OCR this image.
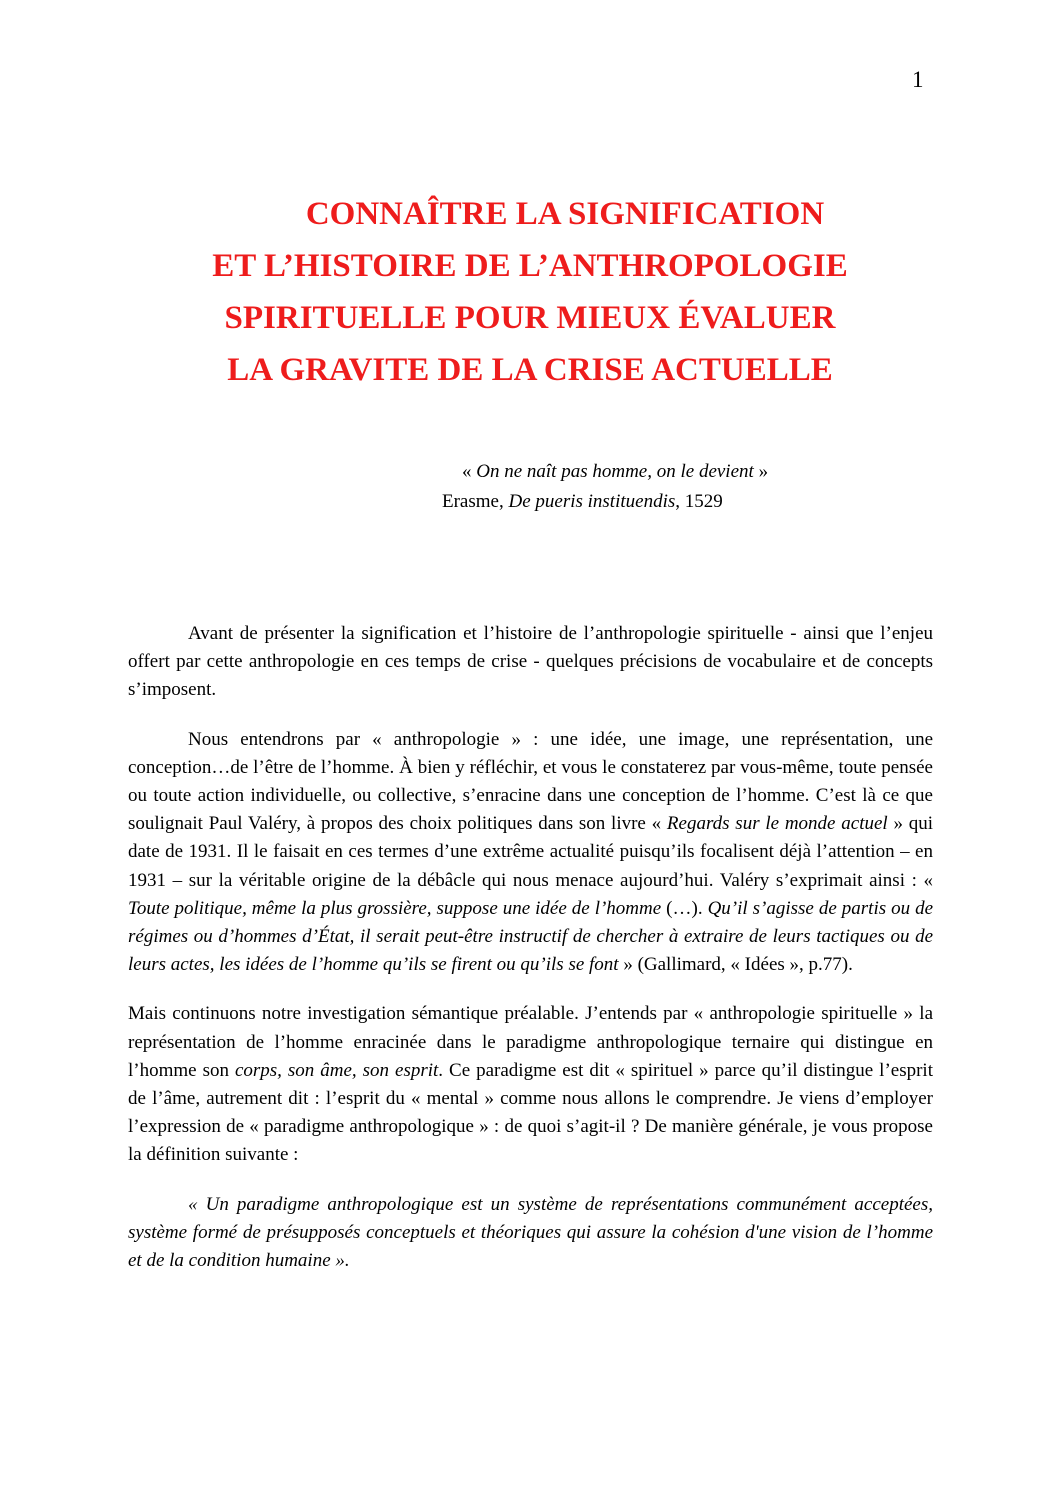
1
CONNAÎTRE LA SIGNIFICATION
ET L’HISTOIRE DE L’ANTHROPOLOGIE
SPIRITUELLE POUR MIEUX ÉVALUER
LA GRAVITE DE LA CRISE ACTUELLE
« On ne naît pas homme, on le devient »
Erasme, De pueris instituendis, 1529

Avant de présenter la signification et l’histoire de l’anthropologie spirituelle - ainsi que l’enjeu offert par cette anthropologie en ces temps de crise - quelques précisions de vocabulaire et de concepts s’imposent.

Nous entendrons par « anthropologie » : une idée, une image, une représentation, une conception…de l’être de l’homme. À bien y réfléchir, et vous le constaterez par vous-même, toute pensée ou toute action individuelle, ou collective, s’enracine dans une conception de l’homme. C’est là ce que soulignait Paul Valéry, à propos des choix politiques dans son livre « Regards sur le monde actuel » qui date de 1931. Il le faisait en ces termes d’une extrême actualité puisqu’ils focalisent déjà l’attention – en 1931 – sur la véritable origine de la débâcle qui nous menace aujourd’hui. Valéry s’exprimait ainsi : « Toute politique, même la plus grossière, suppose une idée de l’homme (…). Qu’il s’agisse de partis ou de régimes ou d’hommes d’État, il serait peut-être instructif de chercher à extraire de leurs tactiques ou de leurs actes, les idées de l’homme qu’ils se firent ou qu’ils se font » (Gallimard, « Idées », p.77).

Mais continuons notre investigation sémantique préalable. J’entends par « anthropologie spirituelle » la représentation de l’homme enracinée dans le paradigme anthropologique ternaire qui distingue en l’homme son corps, son âme, son esprit. Ce paradigme est dit « spirituel » parce qu’il distingue l’esprit de l’âme, autrement dit : l’esprit du « mental » comme nous allons le comprendre. Je viens d’employer l’expression de « paradigme anthropologique » : de quoi s’agit-il ? De manière générale, je vous propose la définition suivante :

« Un paradigme anthropologique est un système de représentations communément acceptées, système formé de présupposés conceptuels et théoriques qui assure la cohésion d'une vision de l’homme et de la condition humaine ».
